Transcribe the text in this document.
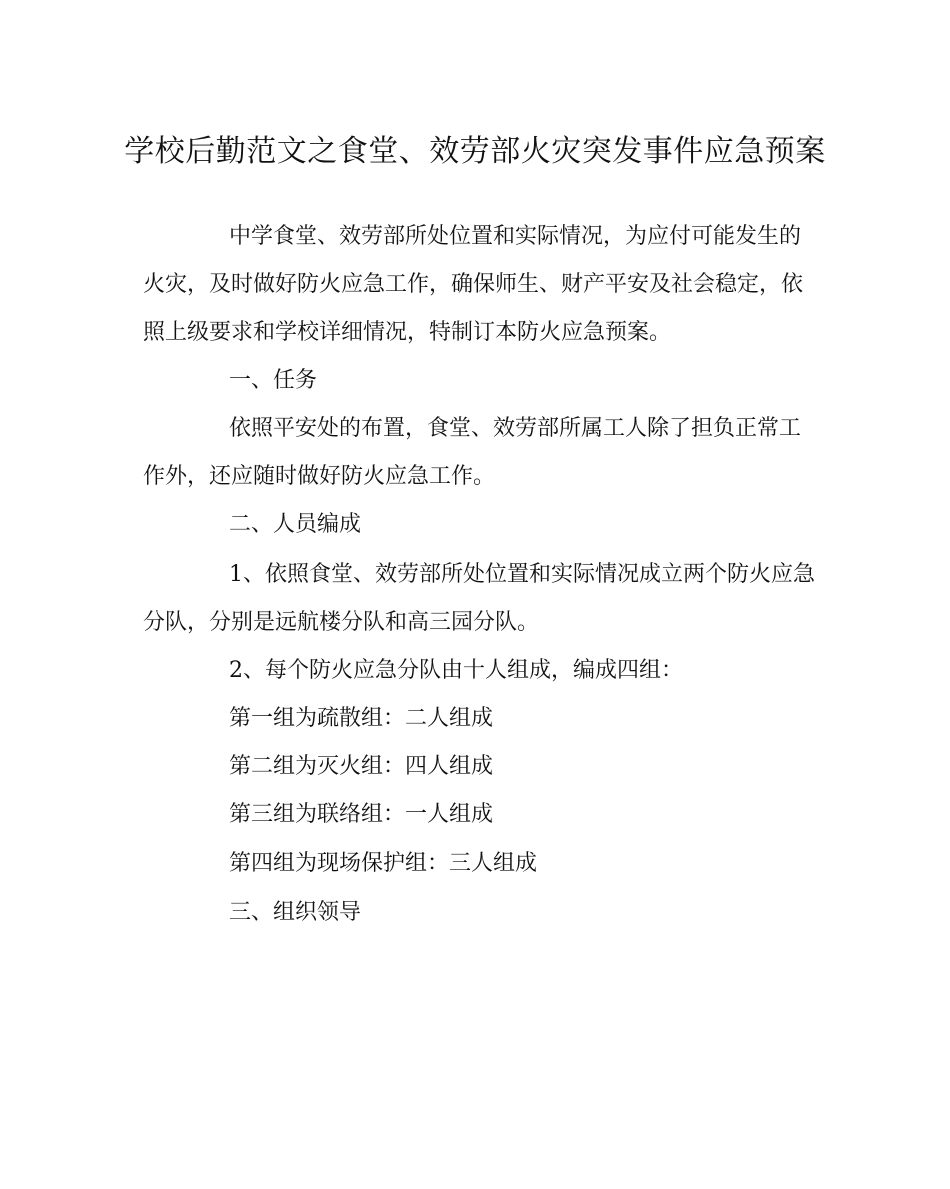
学校后勤范文之食堂、效劳部火灾突发事件应急预案
中学食堂、效劳部所处位置和实际情况，为应付可能发生的
火灾，及时做好防火应急工作，确保师生、财产平安及社会稳定，依
照上级要求和学校详细情况，特制订本防火应急预案。
一、任务
依照平安处的布置，食堂、效劳部所属工人除了担负正常工
作外，还应随时做好防火应急工作。
二、人员编成
1、依照食堂、效劳部所处位置和实际情况成立两个防火应急
分队，分别是远航楼分队和高三园分队。
2、每个防火应急分队由十人组成，编成四组：
第一组为疏散组：二人组成
第二组为灭火组：四人组成
第三组为联络组：一人组成
第四组为现场保护组：三人组成
三、组织领导
